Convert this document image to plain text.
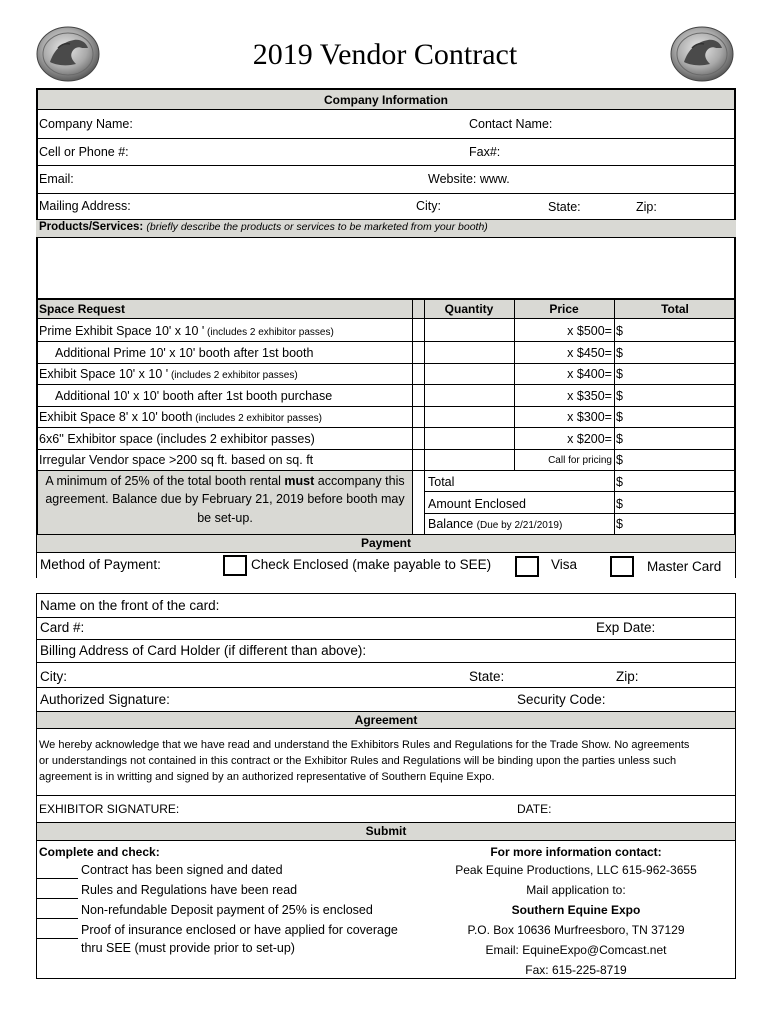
2019 Vendor Contract
Company Information
Company Name:	Contact Name:
Cell or Phone #:	Fax#:
Email:	Website: www.
Mailing Address:	City:	State:	Zip:
Products/Services: (briefly describe the products or services to be marketed from your booth)
Space Request	Quantity	Price	Total
Prime Exhibit Space 10' x 10 ' (includes 2 exhibitor passes)	x $500= $
Additional Prime 10' x 10' booth after 1st booth	x $450= $
Exhibit Space 10' x 10 ' (includes 2 exhibitor passes)	x $400= $
Additional 10' x 10' booth after 1st booth purchase	x $350= $
Exhibit Space 8' x 10' booth (includes 2 exhibitor passes)	x $300= $
6x6'' Exhibitor space (includes 2 exhibitor passes)	x $200= $
Irregular Vendor space >200 sq ft. based on sq. ft	Call for pricing $
A minimum of 25% of the total booth rental must accompany this
agreement. Balance due by February 21, 2019 before booth may
be set-up.
Total	$
Amount Enclosed	$
Balance (Due by 2/21/2019)	$
Payment
Method of Payment:	Check Enclosed (make payable to SEE)	Visa	Master Card
Name on the front of the card:
Card #:	Exp Date:
Billing Address of Card Holder (if different than above):
City:	State:	Zip:
Authorized Signature:	Security Code:
Agreement
We hereby acknowledge that we have read and understand the Exhibitors Rules and Regulations for the Trade Show. No agreements
or understandings not contained in this contract or the Exhibitor Rules and Regulations will be binding upon the parties unless such
agreement is in writting and signed by an authorized representative of Southern Equine Expo.
EXHIBITOR SIGNATURE:	DATE:
Submit
Complete and check:
Contract has been signed and dated
Rules and Regulations have been read
Non-refundable Deposit payment of 25% is enclosed
Proof of insurance enclosed or have applied for coverage
thru SEE (must provide prior to set-up)
For more information contact:
Peak Equine Productions, LLC 615-962-3655
Mail application to:
Southern Equine Expo
P.O. Box 10636 Murfreesboro, TN 37129
Email: EquineExpo@Comcast.net
Fax: 615-225-8719
